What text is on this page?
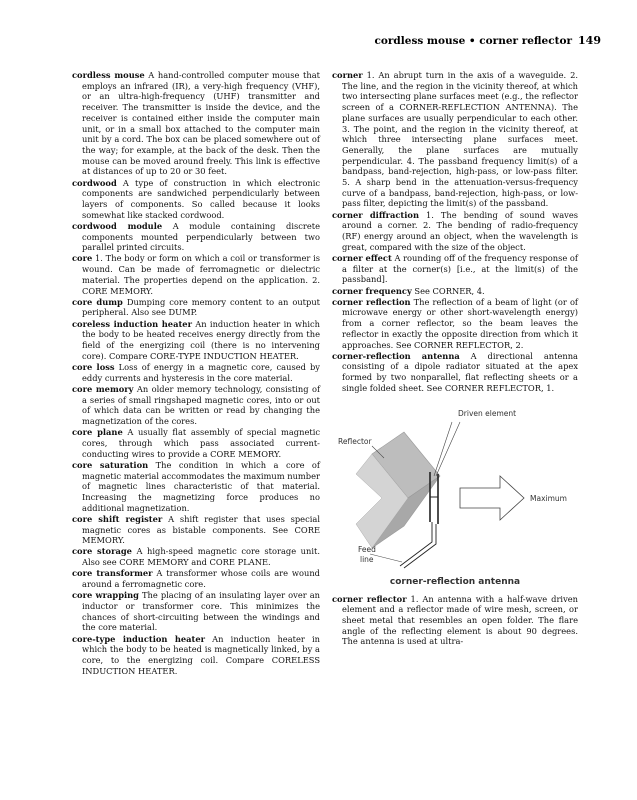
cordless mouse • corner reflector 149

cordless mouse A hand-controlled computer mouse that employs an infrared (IR), a very-high frequency (VHF), or an ultra-high-frequency (UHF) transmitter and receiver. The transmitter is inside the device, and the receiver is contained either inside the computer main unit, or in a small box attached to the computer main unit by a cord. The box can be placed somewhere out of the way; for example, at the back of the desk. Then the mouse can be moved around freely. This link is effective at distances of up to 20 or 30 feet.

cordwood A type of construction in which electronic components are sandwiched perpendicularly between layers of components. So called because it looks somewhat like stacked cordwood.

cordwood module A module containing discrete components mounted perpendicularly between two parallel printed circuits.

core 1. The body or form on which a coil or transformer is wound. Can be made of ferromagnetic or dielectric material. The properties depend on the application. 2. CORE MEMORY.

core dump Dumping core memory content to an output peripheral. Also see DUMP.

coreless induction heater An induction heater in which the body to be heated receives energy directly from the field of the energizing coil (there is no intervening core). Compare CORE-TYPE INDUCTION HEATER.

core loss Loss of energy in a magnetic core, caused by eddy currents and hysteresis in the core material.

core memory An older memory technology, consisting of a series of small ringshaped magnetic cores, into or out of which data can be written or read by changing the magnetization of the cores.

core plane A usually flat assembly of special magnetic cores, through which pass associated current-conducting wires to provide a CORE MEMORY.

core saturation The condition in which a core of magnetic material accommodates the maximum number of magnetic lines characteristic of that material. Increasing the magnetizing force produces no additional magnetization.

core shift register A shift register that uses special magnetic cores as bistable components. See CORE MEMORY.

core storage A high-speed magnetic core storage unit. Also see CORE MEMORY and CORE PLANE.

core transformer A transformer whose coils are wound around a ferromagnetic core.

core wrapping The placing of an insulating layer over an inductor or transformer core. This minimizes the chances of short-circuiting between the windings and the core material.

core-type induction heater An induction heater in which the body to be heated is magnetically linked, by a core, to the energizing coil. Compare CORELESS INDUCTION HEATER.

corner 1. An abrupt turn in the axis of a waveguide. 2. The line, and the region in the vicinity thereof, at which two intersecting plane surfaces meet (e.g., the reflector screen of a CORNER-REFLECTION ANTENNA). The plane surfaces are usually perpendicular to each other. 3. The point, and the region in the vicinity thereof, at which three intersecting plane surfaces meet. Generally, the plane surfaces are mutually perpendicular. 4. The passband frequency limit(s) of a bandpass, band-rejection, high-pass, or low-pass filter. 5. A sharp bend in the attenuation-versus-frequency curve of a bandpass, band-rejection, high-pass, or low-pass filter, depicting the limit(s) of the passband.

corner diffraction 1. The bending of sound waves around a corner. 2. The bending of radio-frequency (RF) energy around an object, when the wavelength is great, compared with the size of the object.

corner effect A rounding off of the frequency response of a filter at the corner(s) [i.e., at the limit(s) of the passband].

corner frequency See CORNER, 4.

corner reflection The reflection of a beam of light (or of microwave energy or other short-wavelength energy) from a corner reflector, so the beam leaves the reflector in exactly the opposite direction from which it approaches. See CORNER REFLECTOR, 2.

corner-reflection antenna A directional antenna consisting of a dipole radiator situated at the apex formed by two nonparallel, flat reflecting sheets or a single folded sheet. See CORNER REFLECTOR, 1.

Driven element
Reflector
Maximum
Feed
line
corner-reflection antenna

corner reflector 1. An antenna with a half-wave driven element and a reflector made of wire mesh, screen, or sheet metal that resembles an open folder. The flare angle of the reflecting element is about 90 degrees. The antenna is used at ultra-
